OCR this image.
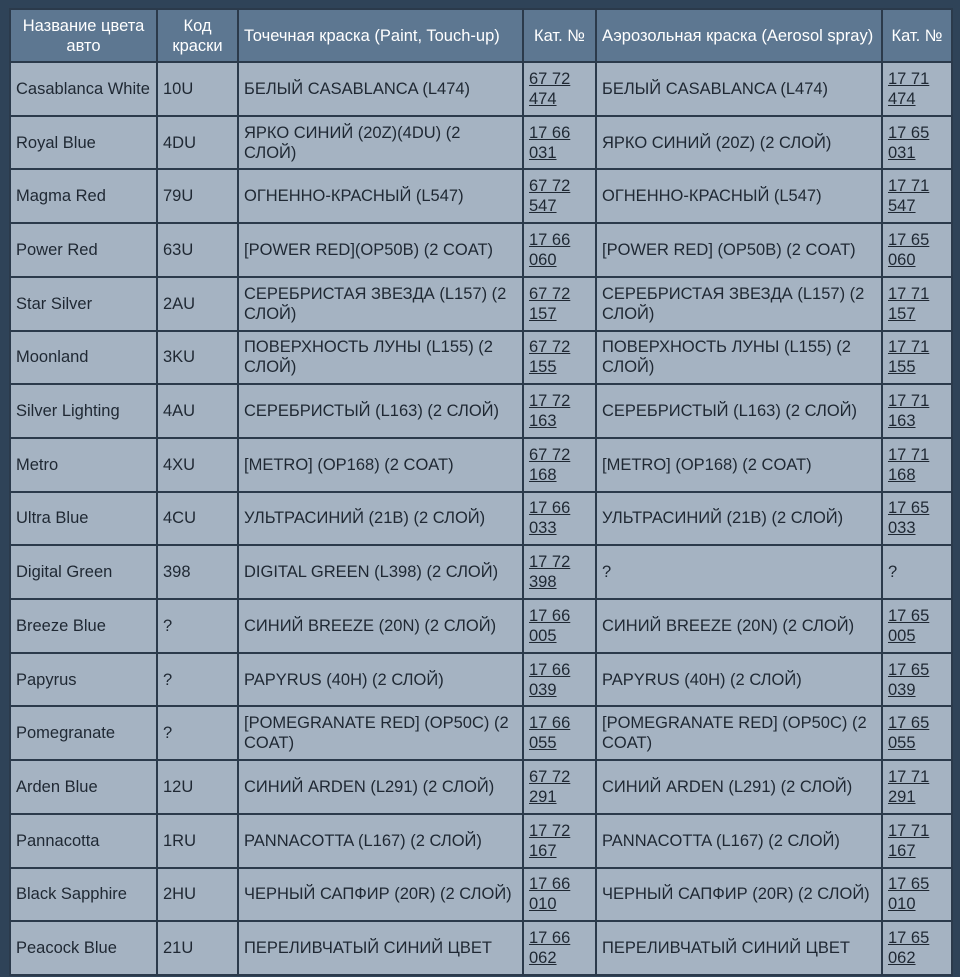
Название цвета авто	Код краски	Точечная краска (Paint, Touch-up)	Кат. №	Аэрозольная краска (Aerosol spray)	Кат. №
Casablanca White	10U	БЕЛЫЙ CASABLANCA (L474)	67 72 474	БЕЛЫЙ CASABLANCA (L474)	17 71 474
Royal Blue	4DU	ЯРКО СИНИЙ (20Z)(4DU) (2 СЛОЙ)	17 66 031	ЯРКО СИНИЙ (20Z) (2 СЛОЙ)	17 65 031
Magma Red	79U	ОГНЕННО-КРАСНЫЙ (L547)	67 72 547	ОГНЕННО-КРАСНЫЙ (L547)	17 71 547
Power Red	63U	[POWER RED](OP50B) (2 COAT)	17 66 060	[POWER RED] (OP50B) (2 COAT)	17 65 060
Star Silver	2AU	СЕРЕБРИСТАЯ ЗВЕЗДА (L157) (2 СЛОЙ)	67 72 157	СЕРЕБРИСТАЯ ЗВЕЗДА (L157) (2 СЛОЙ)	17 71 157
Moonland	3KU	ПОВЕРХНОСТЬ ЛУНЫ (L155) (2 СЛОЙ)	67 72 155	ПОВЕРХНОСТЬ ЛУНЫ (L155) (2 СЛОЙ)	17 71 155
Silver Lighting	4AU	СЕРЕБРИСТЫЙ (L163) (2 СЛОЙ)	17 72 163	СЕРЕБРИСТЫЙ (L163) (2 СЛОЙ)	17 71 163
Metro	4XU	[METRO] (OP168) (2 COAT)	67 72 168	[METRO] (OP168) (2 COAT)	17 71 168
Ultra Blue	4CU	УЛЬТРАСИНИЙ (21B) (2 СЛОЙ)	17 66 033	УЛЬТРАСИНИЙ (21B) (2 СЛОЙ)	17 65 033
Digital Green	398	DIGITAL GREEN (L398) (2 СЛОЙ)	17 72 398	?	?
Breeze Blue	?	СИНИЙ BREEZE (20N) (2 СЛОЙ)	17 66 005	СИНИЙ BREEZE (20N) (2 СЛОЙ)	17 65 005
Papyrus	?	PAPYRUS (40H) (2 СЛОЙ)	17 66 039	PAPYRUS (40H) (2 СЛОЙ)	17 65 039
Pomegranate	?	[POMEGRANATE RED] (OP50C) (2 COAT)	17 66 055	[POMEGRANATE RED] (OP50C) (2 COAT)	17 65 055
Arden Blue	12U	СИНИЙ ARDEN (L291) (2 СЛОЙ)	67 72 291	СИНИЙ ARDEN (L291) (2 СЛОЙ)	17 71 291
Pannacotta	1RU	PANNACOTTA (L167) (2 СЛОЙ)	17 72 167	PANNACOTTA (L167) (2 СЛОЙ)	17 71 167
Black Sapphire	2HU	ЧЕРНЫЙ САПФИР (20R) (2 СЛОЙ)	17 66 010	ЧЕРНЫЙ САПФИР (20R) (2 СЛОЙ)	17 65 010
Peacock Blue	21U	ПЕРЕЛИВЧАТЫЙ СИНИЙ ЦВЕТ	17 66 062	ПЕРЕЛИВЧАТЫЙ СИНИЙ ЦВЕТ	17 65 062
